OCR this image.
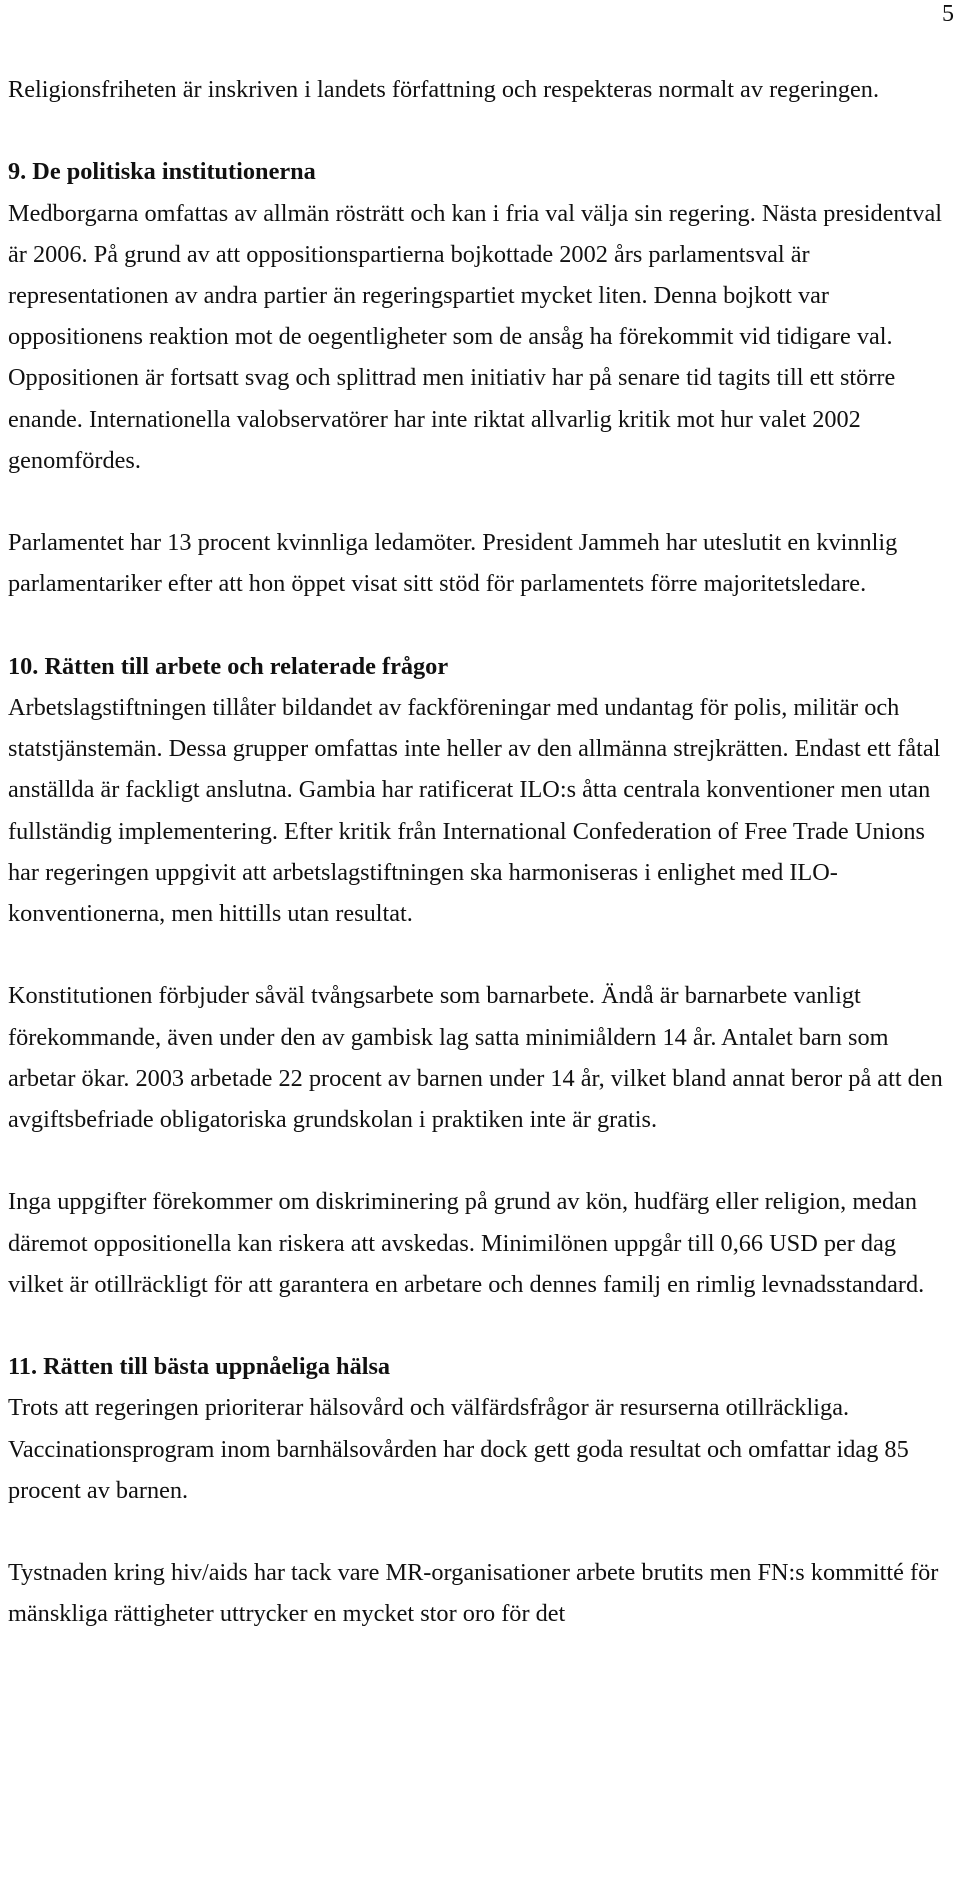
5

Religionsfriheten är inskriven i landets författning och respekteras normalt av regeringen.

9. De politiska institutionerna

Medborgarna omfattas av allmän rösträtt och kan i fria val välja sin regering. Nästa presidentval är 2006. På grund av att oppositionspartierna bojkottade 2002 års parlamentsval är representationen av andra partier än regeringspartiet mycket liten. Denna bojkott var oppositionens reaktion mot de oegentligheter som de ansåg ha förekommit vid tidigare val. Oppositionen är fortsatt svag och splittrad men initiativ har på senare tid tagits till ett större enande. Internationella valobservatörer har inte riktat allvarlig kritik mot hur valet 2002 genomfördes.

Parlamentet har 13 procent kvinnliga ledamöter. President Jammeh har uteslutit en kvinnlig parlamentariker efter att hon öppet visat sitt stöd för parlamentets förre majoritetsledare.

10. Rätten till arbete och relaterade frågor

Arbetslagstiftningen tillåter bildandet av fackföreningar med undantag för polis, militär och statstjänstemän. Dessa grupper omfattas inte heller av den allmänna strejkrätten. Endast ett fåtal anställda är fackligt anslutna. Gambia har ratificerat ILO:s åtta centrala konventioner men utan fullständig implementering. Efter kritik från International Confederation of Free Trade Unions har regeringen uppgivit att arbetslagstiftningen ska harmoniseras i enlighet med ILO-konventionerna, men hittills utan resultat.

Konstitutionen förbjuder såväl tvångsarbete som barnarbete. Ändå är barnarbete vanligt förekommande, även under den av gambisk lag satta minimiåldern 14 år. Antalet barn som arbetar ökar. 2003 arbetade 22 procent av barnen under 14 år, vilket bland annat beror på att den avgiftsbefriade obligatoriska grundskolan i praktiken inte är gratis.

Inga uppgifter förekommer om diskriminering på grund av kön, hudfärg eller religion, medan däremot oppositionella kan riskera att avskedas. Minimilönen uppgår till 0,66 USD per dag vilket är otillräckligt för att garantera en arbetare och dennes familj en rimlig levnadsstandard.

11. Rätten till bästa uppnåeliga hälsa

Trots att regeringen prioriterar hälsovård och välfärdsfrågor är resurserna otillräckliga. Vaccinationsprogram inom barnhälsovården har dock gett goda resultat och omfattar idag 85 procent av barnen.

Tystnaden kring hiv/aids har tack vare MR-organisationer arbete brutits men FN:s kommitté för mänskliga rättigheter uttrycker en mycket stor oro för det
